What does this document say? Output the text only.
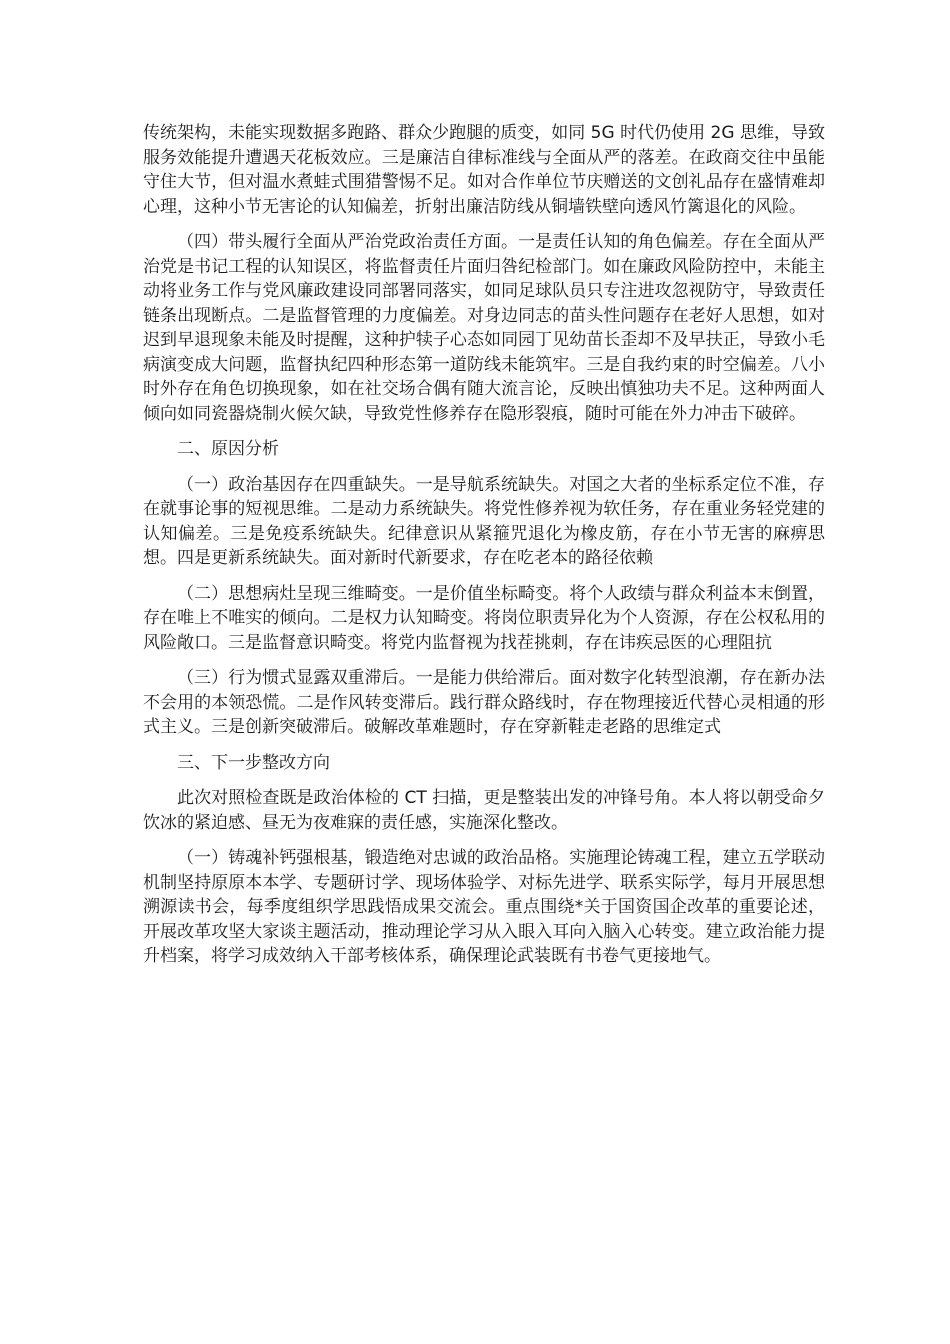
传统架构，未能实现数据多跑路、群众少跑腿的质变，如同 5G 时代仍使用 2G 思维，导致服务效能提升遭遇天花板效应。三是廉洁自律标准线与全面从严的落差。在政商交往中虽能守住大节，但对温水煮蛙式围猎警惕不足。如对合作单位节庆赠送的文创礼品存在盛情难却心理，这种小节无害论的认知偏差，折射出廉洁防线从铜墙铁壁向透风竹篱退化的风险。

（四）带头履行全面从严治党政治责任方面。一是责任认知的角色偏差。存在全面从严治党是书记工程的认知误区，将监督责任片面归咎纪检部门。如在廉政风险防控中，未能主动将业务工作与党风廉政建设同部署同落实，如同足球队员只专注进攻忽视防守，导致责任链条出现断点。二是监督管理的力度偏差。对身边同志的苗头性问题存在老好人思想，如对迟到早退现象未能及时提醒，这种护犊子心态如同园丁见幼苗长歪却不及早扶正，导致小毛病演变成大问题，监督执纪四种形态第一道防线未能筑牢。三是自我约束的时空偏差。八小时外存在角色切换现象，如在社交场合偶有随大流言论，反映出慎独功夫不足。这种两面人倾向如同瓷器烧制火候欠缺，导致党性修养存在隐形裂痕，随时可能在外力冲击下破碎。

二、原因分析

（一）政治基因存在四重缺失。一是导航系统缺失。对国之大者的坐标系定位不准，存在就事论事的短视思维。二是动力系统缺失。将党性修养视为软任务，存在重业务轻党建的认知偏差。三是免疫系统缺失。纪律意识从紧箍咒退化为橡皮筋，存在小节无害的麻痹思想。四是更新系统缺失。面对新时代新要求，存在吃老本的路径依赖

（二）思想病灶呈现三维畸变。一是价值坐标畸变。将个人政绩与群众利益本末倒置，存在唯上不唯实的倾向。二是权力认知畸变。将岗位职责异化为个人资源，存在公权私用的风险敞口。三是监督意识畸变。将党内监督视为找茬挑刺，存在讳疾忌医的心理阻抗

（三）行为惯式显露双重滞后。一是能力供给滞后。面对数字化转型浪潮，存在新办法不会用的本领恐慌。二是作风转变滞后。践行群众路线时，存在物理接近代替心灵相通的形式主义。三是创新突破滞后。破解改革难题时，存在穿新鞋走老路的思维定式

三、下一步整改方向

此次对照检查既是政治体检的 CT 扫描，更是整装出发的冲锋号角。本人将以朝受命夕饮冰的紧迫感、昼无为夜难寐的责任感，实施深化整改。

（一）铸魂补钙强根基，锻造绝对忠诚的政治品格。实施理论铸魂工程，建立五学联动机制坚持原原本本学、专题研讨学、现场体验学、对标先进学、联系实际学，每月开展思想溯源读书会，每季度组织学思践悟成果交流会。重点围绕*关于国资国企改革的重要论述，开展改革攻坚大家谈主题活动，推动理论学习从入眼入耳向入脑入心转变。建立政治能力提升档案，将学习成效纳入干部考核体系，确保理论武装既有书卷气更接地气。
